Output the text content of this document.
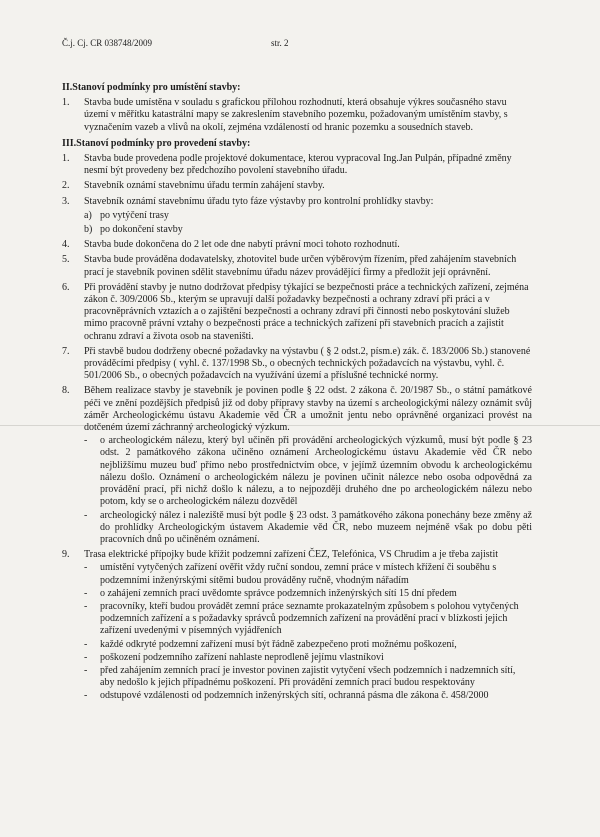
Č.j. Cj. CR 038748/2009	str. 2
II.Stanoví podmínky pro umístění stavby:
1.	Stavba bude umístěna v souladu s grafickou přílohou rozhodnutí, která obsahuje výkres současného stavu území v měřítku katastrální mapy se zakreslením stavebního pozemku, požadovaným umístěním stavby, s vyznačením vazeb a vlivů na okolí, zejména vzdáleností od hranic pozemku a sousedních staveb.
III.Stanoví podmínky pro provedení stavby:
1.	Stavba bude provedena podle projektové dokumentace, kterou vypracoval Ing.Jan Pulpán, případné změny nesmí být provedeny bez předchozího povolení stavebního úřadu.
2.	Stavebník oznámí stavebnímu úřadu termín zahájení stavby.
3.	Stavebník oznámí stavebnímu úřadu tyto fáze výstavby pro kontrolní prohlídky stavby:
a) po vytýčení trasy
b) po dokončení stavby
4.	Stavba bude dokončena do 2 let ode dne nabytí právní moci tohoto rozhodnutí.
5.	Stavba bude prováděna dodavatelsky, zhotovitel bude určen výběrovým řízením, před zahájením stavebních prací je stavebník povinen sdělit stavebnímu úřadu název provádějící firmy a předložit její oprávnění.
6.	Při provádění stavby je nutno dodržovat předpisy týkající se bezpečnosti práce a technických zařízení, zejména zákon č. 309/2006 Sb., kterým se upravují další požadavky bezpečnosti a ochrany zdraví při práci a v pracovněprávních vztazích a o zajištění bezpečnosti a ochrany zdraví při činnosti nebo poskytování služeb mimo pracovně právní vztahy o bezpečnosti práce a technických zařízení při stavebních pracích a zajistit ochranu zdraví a života osob na staveništi.
7.	Při stavbě budou dodrženy obecné požadavky na výstavbu ( § 2 odst.2, písm.e) zák. č. 183/2006 Sb.) stanovené prováděcími předpisy ( vyhl. č. 137/1998 Sb., o obecných technických požadavcích na výstavbu, vyhl. č. 501/2006 Sb., o obecných požadavcích na využívání území a příslušné technické normy.
8.	Během realizace stavby je stavebník je povinen podle § 22 odst. 2 zákona č. 20/1987 Sb., o státní památkové péči ve znění pozdějších předpisů již od doby přípravy stavby na území s archeologickými nálezy oznámit svůj záměr Archeologickému ústavu Akademie věd ČR a umožnit jentu nebo oprávněné organizaci provést na dotčeném území záchranný archeologický výzkum.
-	o archeologickém nálezu, který byl učiněn při provádění archeologických výzkumů, musí být podle § 23 odst. 2 památkového zákona učiněno oznámení Archeologickému ústavu Akademie věd ČR nebo nejbližšímu muzeu buď přímo nebo prostřednictvím obce, v jejímž územním obvodu k archeologickému nálezu došlo. Oznámení o archeologickém nálezu je povinen učinit nálezce nebo osoba odpovědná za provádění prací, při nichž došlo k nálezu, a to nejpozději druhého dne po archeologickém nálezu nebo potom, kdy se o archeologickém nálezu dozvěděl
-	archeologický nález i naleziště musí být podle § 23 odst. 3 památkového zákona ponechány beze změny až do prohlídky Archeologickým ústavem Akademie věd ČR, nebo muzeem nejméně však po dobu pěti pracovních dnů po učiněném oznámení.
9.	Trasa elektrické přípojky bude křížit podzemní zařízení ČEZ, Telefónica, VS Chrudim a je třeba zajistit
-	umístění vytyčených zařízení ověřit vždy ruční sondou, zemní práce v místech křížení či souběhu s podzemními inženýrskými sítěmi budou prováděny ručně, vhodným nářadím
-	o zahájení zemních prací uvědomte správce podzemních inženýrských sítí 15 dní předem
-	pracovníky, kteří budou provádět zemní práce seznamte prokazatelným způsobem s polohou vytyčených podzemních zařízení a s požadavky správců podzemních zařízení na provádění prací v blízkosti jejich zařízení uvedenými v písemných vyjádřeních
-	každé odkryté podzemní zařízení musí být řádně zabezpečeno proti možnému poškození,
-	poškození podzemního zařízení nahlaste neprodleně jejímu vlastníkovi
-	před zahájením zemních prací je investor povinen zajistit vytyčení všech podzemních i nadzemních sítí, aby nedošlo k jejich případnému poškození. Při provádění zemních prací budou respektovány
-	odstupové vzdálenosti od podzemních inženýrských sítí, ochranná pásma dle zákona č. 458/2000
